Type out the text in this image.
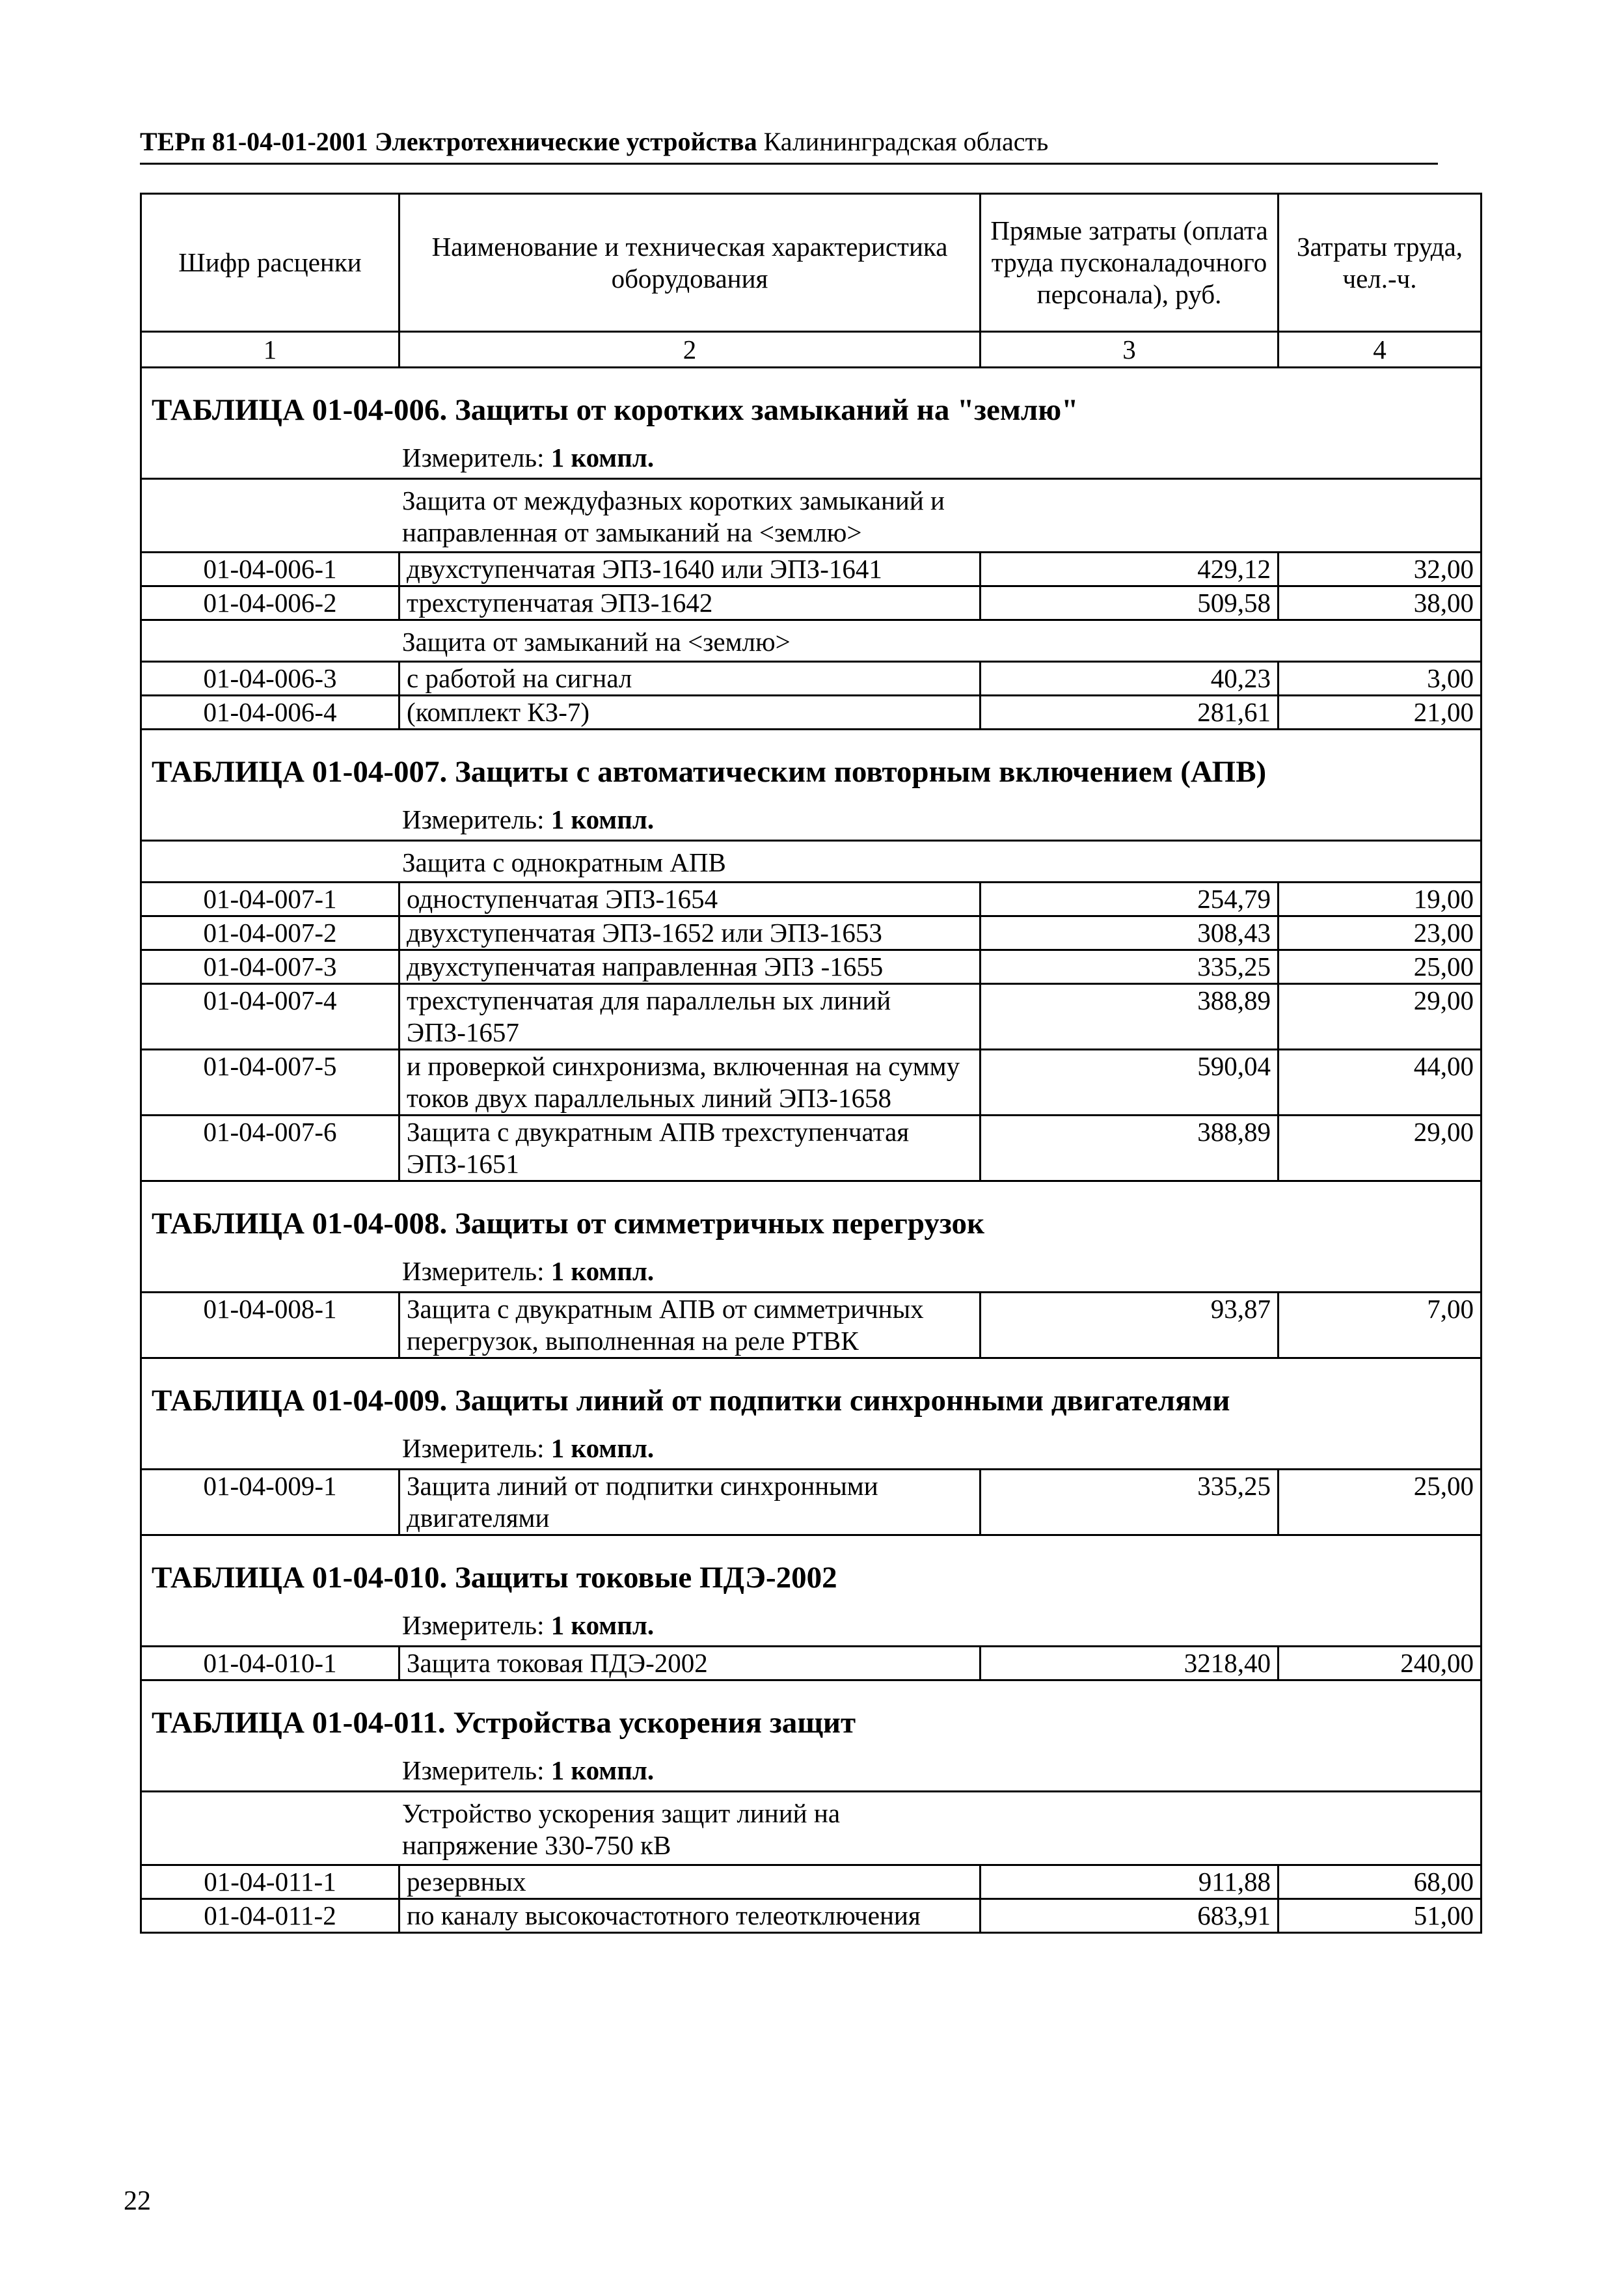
ТЕРп 81-04-01-2001 Электротехнические устройства Калининградская область
Шифр расценки	Наименование и техническая характеристика оборудования	Прямые затраты (оплата труда пусконаладочного персонала), руб.	Затраты труда, чел.-ч.
1	2	3	4
ТАБЛИЦА 01-04-006. Защиты от коротких замыканий на "землю"			
Измеритель: 1 компл.			

Защита от междуфазных коротких замыканий и направленная от замыканий на <землю>			

01-04-006-1	двухступенчатая ЭПЗ-1640 или ЭПЗ-1641	429,12	32,00
01-04-006-2	трехступенчатая ЭПЗ-1642	509,58	38,00
Защита от замыканий на <землю>			
01-04-006-3	с работой на сигнал	40,23	3,00
01-04-006-4	(комплект КЗ-7)	281,61	21,00
ТАБЛИЦА 01-04-007. Защиты с автоматическим повторным включением (АПВ)			
Измеритель: 1 компл.			
Защита с однократным АПВ			
01-04-007-1	одноступенчатая ЭПЗ-1654	254,79	19,00
01-04-007-2	двухступенчатая ЭПЗ-1652 или ЭПЗ-1653	308,43	23,00
01-04-007-3	двухступенчатая направленная ЭПЗ -1655	335,25	25,00
01-04-007-4	трехступенчатая для параллельн ых линий ЭПЗ-1657	388,89	29,00
01-04-007-5	и проверкой синхронизма, включенная на сумму токов двух параллельных линий ЭПЗ-1658	590,04	44,00
01-04-007-6	Защита с двукратным АПВ трехступенчатая ЭПЗ-1651	388,89	29,00
ТАБЛИЦА 01-04-008. Защиты от симметричных перегрузок			
Измеритель: 1 компл.			
01-04-008-1	Защита с двукратным АПВ от симметричных перегрузок, выполненная на реле РТВК	93,87	7,00
ТАБЛИЦА 01-04-009. Защиты линий от подпитки синхронными двигателями			
Измеритель: 1 компл.			
01-04-009-1	Защита линий от подпитки синхронными двигателями	335,25	25,00
ТАБЛИЦА 01-04-010. Защиты токовые ПДЭ-2002			
Измеритель: 1 компл.			
01-04-010-1	Защита токовая ПДЭ-2002	3218,40	240,00
ТАБЛИЦА 01-04-011. Устройства ускорения защит			
Измеритель: 1 компл.			

Устройство ускорения защит линий на напряжение 330-750 кВ			

01-04-011-1	резервных	911,88	68,00
01-04-011-2	по каналу высокочастотного телеотключения	683,91	51,00
22
